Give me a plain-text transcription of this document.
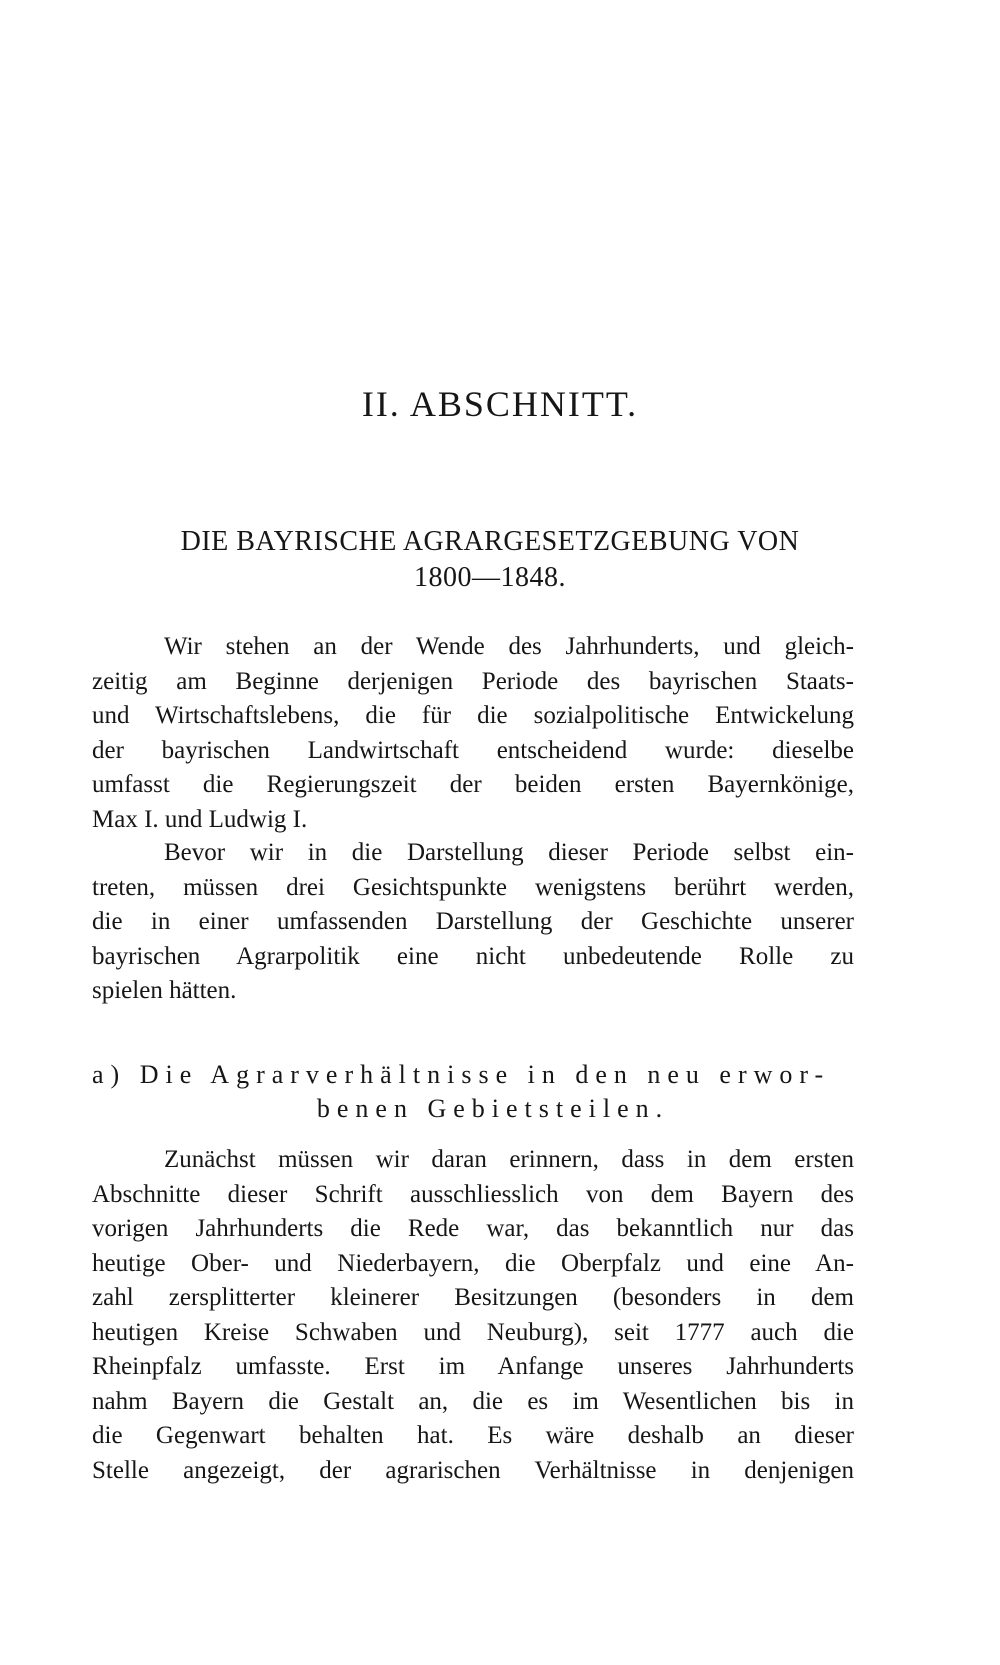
II. ABSCHNITT.
DIE BAYRISCHE AGRARGESETZGEBUNG VON
1800—1848.
Wir stehen an der Wende des Jahrhunderts, und gleich-
zeitig am Beginne derjenigen Periode des bayrischen Staats-
und Wirtschaftslebens, die für die sozialpolitische Entwickelung
der bayrischen Landwirtschaft entscheidend wurde: dieselbe
umfasst die Regierungszeit der beiden ersten Bayernkönige,
Max I. und Ludwig I.
Bevor wir in die Darstellung dieser Periode selbst ein-
treten, müssen drei Gesichtspunkte wenigstens berührt werden,
die in einer umfassenden Darstellung der Geschichte unserer
bayrischen Agrarpolitik eine nicht unbedeutende Rolle zu
spielen hätten.
a) Die Agrarverhältnisse in den neu erwor-
benen Gebietsteilen.
Zunächst müssen wir daran erinnern, dass in dem ersten
Abschnitte dieser Schrift ausschliesslich von dem Bayern des
vorigen Jahrhunderts die Rede war, das bekanntlich nur das
heutige Ober- und Niederbayern, die Oberpfalz und eine An-
zahl zersplitterter kleinerer Besitzungen (besonders in dem
heutigen Kreise Schwaben und Neuburg), seit 1777 auch die
Rheinpfalz umfasste. Erst im Anfange unseres Jahrhunderts
nahm Bayern die Gestalt an, die es im Wesentlichen bis in
die Gegenwart behalten hat. Es wäre deshalb an dieser
Stelle angezeigt, der agrarischen Verhältnisse in denjenigen
